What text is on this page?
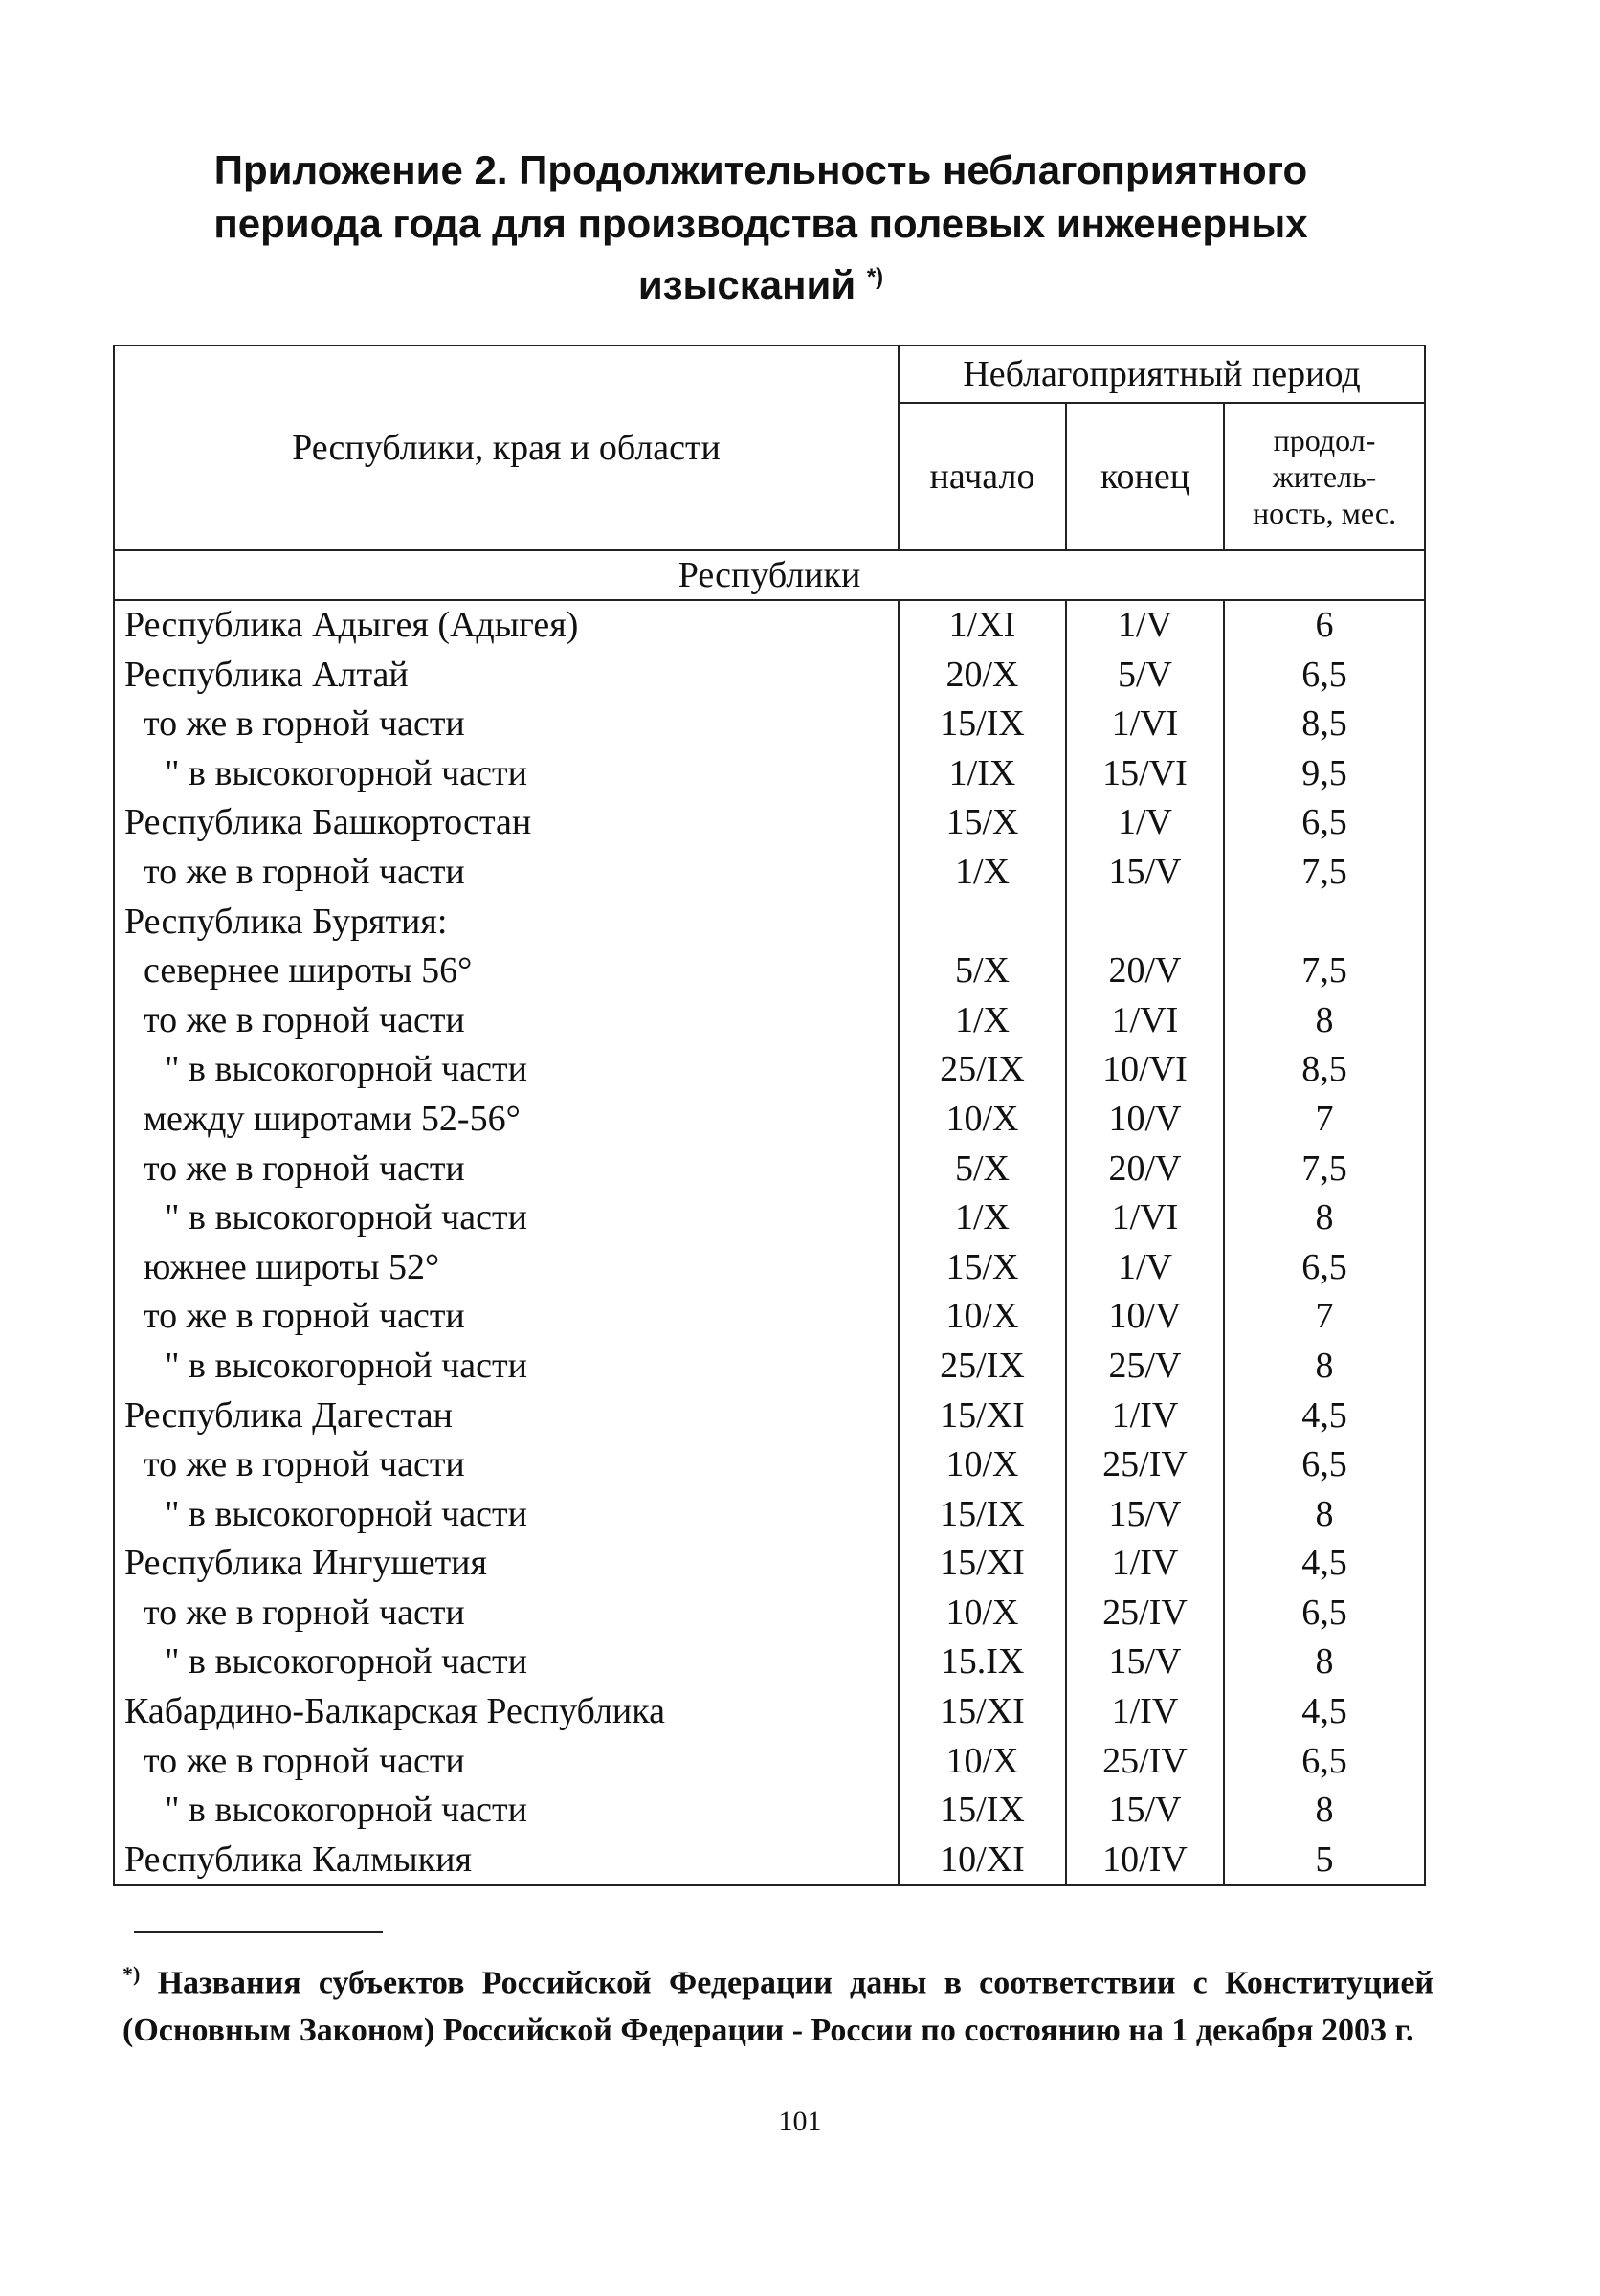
Приложение 2. Продолжительность неблагоприятного
периода года для производства полевых инженерных
изысканий *)
Республики, края и области	Неблагоприятный период		
	начало	конец	продол-
житель-
ность, мес.

Республики			
Республика Адыгея (Адыгея)	1/XI	1/V	6
Республика Алтай	20/X	5/V	6,5
то же в горной части	15/IX	1/VI	8,5
" в высокогорной части	1/IX	15/VI	9,5
Республика Башкортостан	15/X	1/V	6,5
то же в горной части	1/X	15/V	7,5
Республика Бурятия:			
севернее широты 56°	5/X	20/V	7,5
то же в горной части	1/X	1/VI	8
" в высокогорной части	25/IX	10/VI	8,5
между широтами 52-56°	10/X	10/V	7
то же в горной части	5/X	20/V	7,5
" в высокогорной части	1/X	1/VI	8
южнее широты 52°	15/X	1/V	6,5
то же в горной части	10/X	10/V	7
" в высокогорной части	25/IX	25/V	8
Республика Дагестан	15/XI	1/IV	4,5
то же в горной части	10/X	25/IV	6,5
" в высокогорной части	15/IX	15/V	8
Республика Ингушетия	15/XI	1/IV	4,5
то же в горной части	10/X	25/IV	6,5
" в высокогорной части	15.IX	15/V	8
Кабардино-Балкарская Республика	15/XI	1/IV	4,5
то же в горной части	10/X	25/IV	6,5
" в высокогорной части	15/IX	15/V	8
Республика Калмыкия	10/XI	10/IV	5
*) Названия субъектов Российской Федерации даны в соответствии с Конституцией (Основным Законом) Российской Федерации - России по состоянию на 1 декабря 2003 г.
101
